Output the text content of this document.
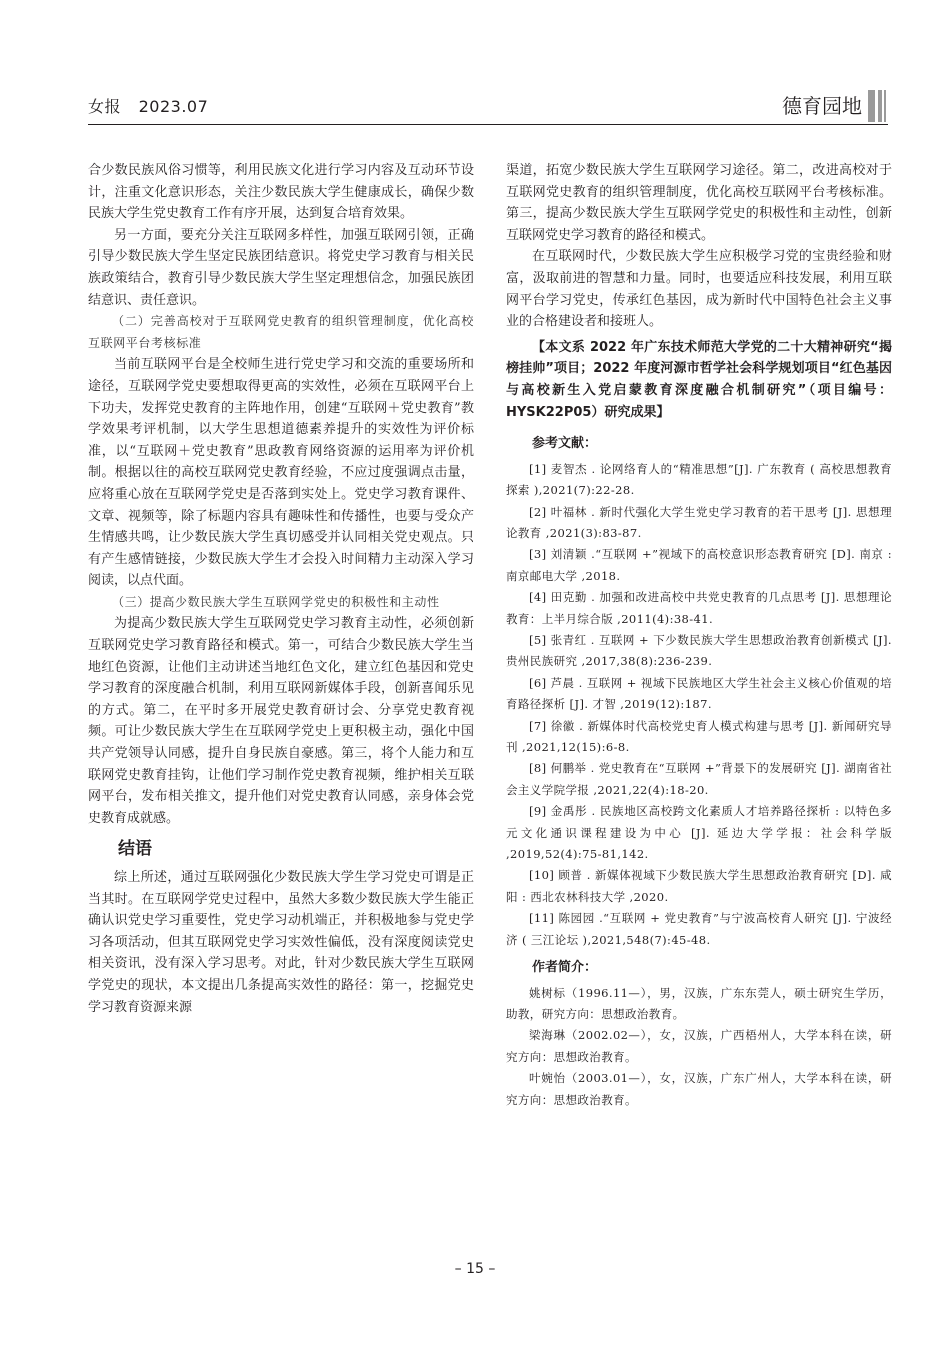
女报 2023.07	德育园地

合少数民族风俗习惯等，利用民族文化进行学习内容及互动环节设计，注重文化意识形态，关注少数民族大学生健康成长，确保少数民族大学生党史教育工作有序开展，达到复合培育效果。

另一方面，要充分关注互联网多样性，加强互联网引领，正确引导少数民族大学生坚定民族团结意识。将党史学习教育与相关民族政策结合，教育引导少数民族大学生坚定理想信念，加强民族团结意识、责任意识。

（二）完善高校对于互联网党史教育的组织管理制度，优化高校互联网平台考核标准

当前互联网平台是全校师生进行党史学习和交流的重要场所和途径，互联网学党史要想取得更高的实效性，必须在互联网平台上下功夫，发挥党史教育的主阵地作用，创建“互联网＋党史教育”教学效果考评机制，以大学生思想道德素养提升的实效性为评价标准，以“互联网＋党史教育”思政教育网络资源的运用率为评价机制。根据以往的高校互联网党史教育经验，不应过度强调点击量，应将重心放在互联网学党史是否落到实处上。党史学习教育课件、文章、视频等，除了标题内容具有趣味性和传播性，也要与受众产生情感共鸣，让少数民族大学生真切感受并认同相关党史观点。只有产生感情链接，少数民族大学生才会投入时间精力主动深入学习阅读，以点代面。

（三）提高少数民族大学生互联网学党史的积极性和主动性

为提高少数民族大学生互联网党史学习教育主动性，必须创新互联网党史学习教育路径和模式。第一，可结合少数民族大学生当地红色资源，让他们主动讲述当地红色文化，建立红色基因和党史学习教育的深度融合机制，利用互联网新媒体手段，创新喜闻乐见的方式。第二，在平时多开展党史教育研讨会、分享党史教育视频。可让少数民族大学生在互联网学党史上更积极主动，强化中国共产党领导认同感，提升自身民族自豪感。第三，将个人能力和互联网党史教育挂钩，让他们学习制作党史教育视频，维护相关互联网平台，发布相关推文，提升他们对党史教育认同感，亲身体会党史教育成就感。

结语

综上所述，通过互联网强化少数民族大学生学习党史可谓是正当其时。在互联网学党史过程中，虽然大多数少数民族大学生能正确认识党史学习重要性，党史学习动机端正，并积极地参与党史学习各项活动，但其互联网党史学习实效性偏低，没有深度阅读党史相关资讯，没有深入学习思考。对此，针对少数民族大学生互联网学党史的现状，本文提出几条提高实效性的路径：第一，挖掘党史学习教育资源来源

渠道，拓宽少数民族大学生互联网学习途径。第二，改进高校对于互联网党史教育的组织管理制度，优化高校互联网平台考核标准。第三，提高少数民族大学生互联网学党史的积极性和主动性，创新互联网党史学习教育的路径和模式。

在互联网时代，少数民族大学生应积极学习党的宝贵经验和财富，汲取前进的智慧和力量。同时，也要适应科技发展，利用互联网平台学习党史，传承红色基因，成为新时代中国特色社会主义事业的合格建设者和接班人。

【本文系 2022 年广东技术师范大学党的二十大精神研究“揭榜挂帅”项目；2022 年度河源市哲学社会科学规划项目“红色基因与高校新生入党启蒙教育深度融合机制研究”（项目编号：HYSK22P05）研究成果】

参考文献：

[1] 麦智杰 . 论网络育人的“精准思想”[J]. 广东教育 ( 高校思想教育探索 ),2021(7):22-28.

[2] 叶福林 . 新时代强化大学生党史学习教育的若干思考 [J]. 思想理论教育 ,2021(3):83-87.

[3] 刘清颖 .“互联网 +”视域下的高校意识形态教育研究 [D]. 南京 : 南京邮电大学 ,2018.

[4] 田克勤 . 加强和改进高校中共党史教育的几点思考 [J]. 思想理论教育：上半月综合版 ,2011(4):38-41.

[5] 张青红 . 互联网 + 下少数民族大学生思想政治教育创新模式 [J]. 贵州民族研究 ,2017,38(8):236-239.

[6] 芦晨 . 互联网 + 视域下民族地区大学生社会主义核心价值观的培育路径探析 [J]. 才智 ,2019(12):187.

[7] 徐徽 . 新媒体时代高校党史育人模式构建与思考 [J]. 新闻研究导刊 ,2021,12(15):6-8.

[8] 何鹏举 . 党史教育在“互联网 +”背景下的发展研究 [J]. 湖南省社会主义学院学报 ,2021,22(4):18-20.

[9] 金禹彤 . 民族地区高校跨文化素质人才培养路径探析 : 以特色多元文化通识课程建设为中心 [J]. 延边大学学报：社会科学版 ,2019,52(4):75-81,142.

[10] 顾普 . 新媒体视域下少数民族大学生思想政治教育研究 [D]. 咸阳 : 西北农林科技大学 ,2020.

[11] 陈园园 .“互联网 + 党史教育”与宁波高校育人研究 [J]. 宁波经济 ( 三江论坛 ),2021,548(7):45-48.

作者简介：

姚树标（1996.11—），男，汉族，广东东莞人，硕士研究生学历，助教，研究方向：思想政治教育。

梁海琳（2002.02—），女，汉族，广西梧州人，大学本科在读，研究方向：思想政治教育。

叶婉怡（2003.01—），女，汉族，广东广州人，大学本科在读，研究方向：思想政治教育。

– 15 –
